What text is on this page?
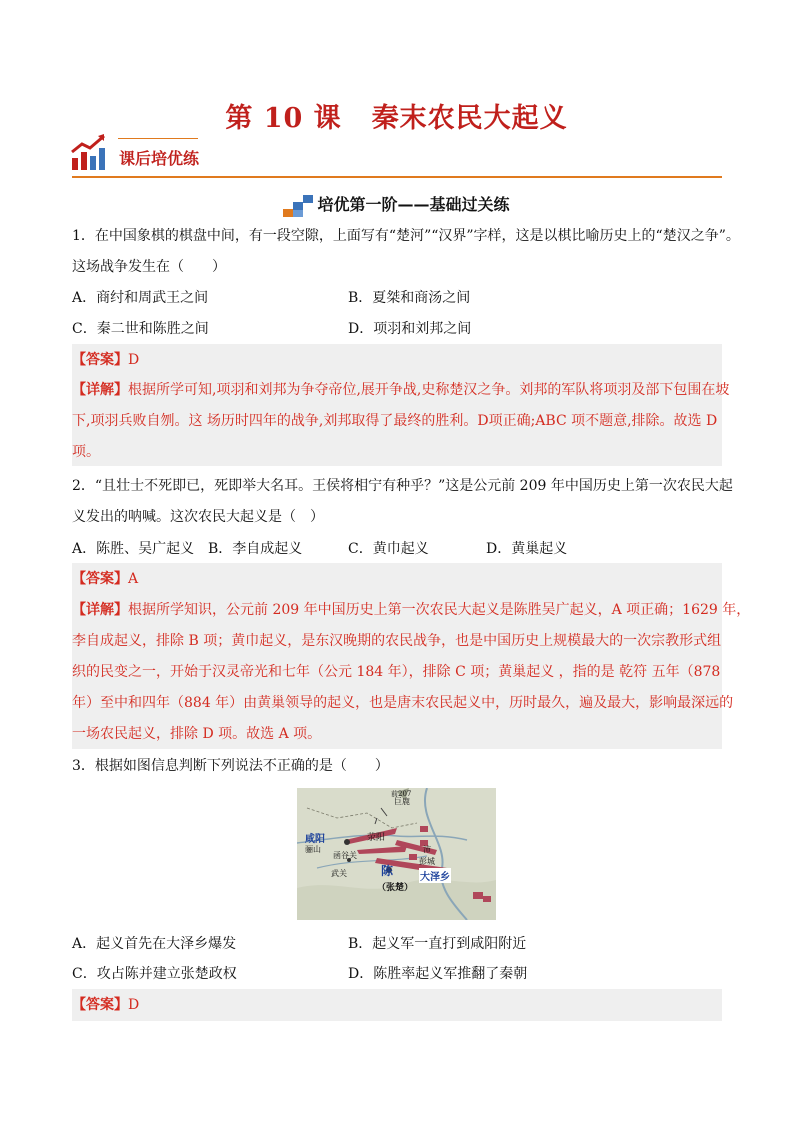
第 10 课 秦末农民大起义
课后培优练
培优第一阶——基础过关练
1．在中国象棋的棋盘中间，有一段空隙，上面写有“楚河”“汉界”字样，这是以棋比喻历史上的“楚汉之争”。
这场战争发生在（　　）
A．商纣和周武王之间	B．夏桀和商汤之间
C．秦二世和陈胜之间	D．项羽和刘邦之间
【答案】D
【详解】根据所学可知,项羽和刘邦为争夺帝位,展开争战,史称楚汉之争。刘邦的军队将项羽及部下包围在坡
下,项羽兵败自刎。这 场历时四年的战争,刘邦取得了最终的胜利。D项正确;ABC 项不题意,排除。故选 D
项。
2．“且壮士不死即已，死即举大名耳。王侯将相宁有种乎？”这是公元前 209 年中国历史上第一次农民大起
义发出的呐喊。这次农民大起义是（　）
A．陈胜、吴广起义 B．李自成起义	C．黄巾起义	D．黄巢起义
【答案】A
【详解】根据所学知识，公元前 209 年中国历史上第一次农民大起义是陈胜吴广起义，A 项正确；1629 年，
李自成起义，排除 B 项；黄巾起义，是东汉晚期的农民战争，也是中国历史上规模最大的一次宗教形式组
织的民变之一，开始于汉灵帝光和七年（公元 184 年），排除 C 项；黄巢起义 ，指的是 乾符 五年（878
年）至中和四年（884 年）由黄巢领导的起义，也是唐末农民起义中，历时最久，遍及最大，影响最深远的
一场农民起义，排除 D 项。故选 A 项。
3．根据如图信息判断下列说法不正确的是（　　）
咸阳	荥阳
巨鹿
前207
骊山
函谷关
武关
沛
彭城
陈
（张楚）
大泽乡
A．起义首先在大泽乡爆发	B．起义军一直打到咸阳附近
C．攻占陈并建立张楚政权	D．陈胜率起义军推翻了秦朝
【答案】D
